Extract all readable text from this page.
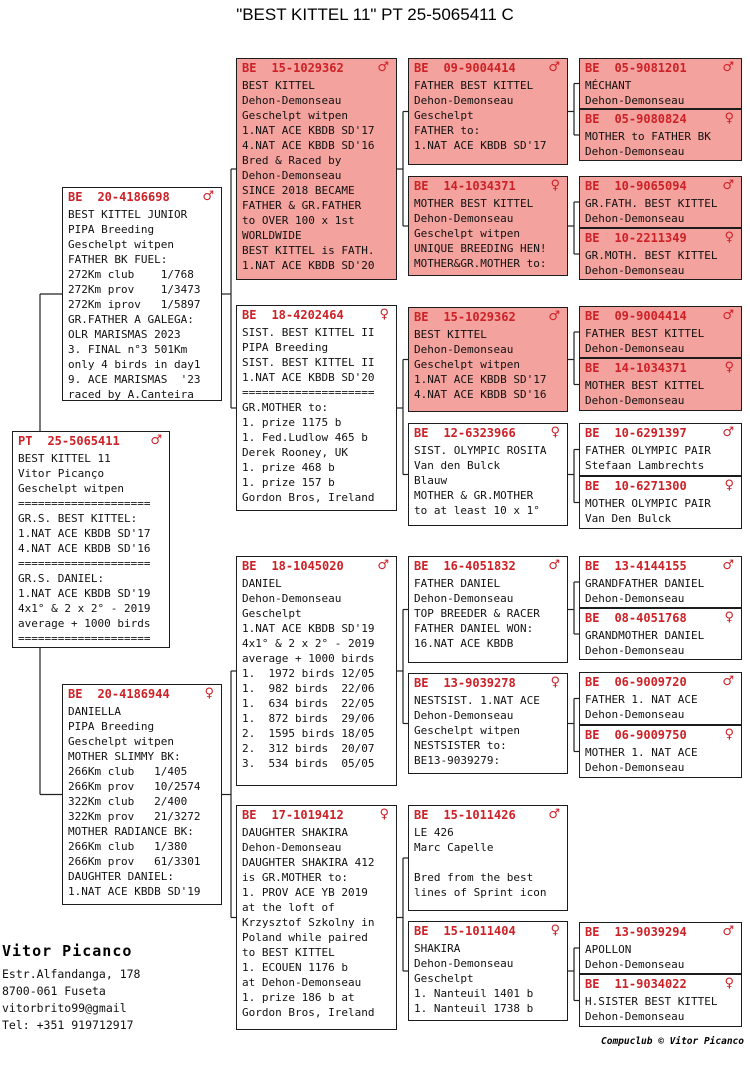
"BEST KITTEL 11" PT 25-5065411 C
PT 25-5065411 ♂
BEST KITTEL 11
Vitor Picanço
Geschelpt witpen
====================
GR.S. BEST KITTEL:
1.NAT ACE KBDB SD'17
4.NAT ACE KBDB SD'16
====================
GR.S. DANIEL:
1.NAT ACE KBDB SD'19
4x1° & 2 x 2° - 2019
average + 1000 birds
====================
BE 20-4186698	♂
BEST KITTEL JUNIOR
PIPA Breeding
Geschelpt witpen
FATHER BK FUEL:
272Km club    1/768
272Km prov    1/3473
272Km iprov   1/5897
GR.FATHER A GALEGA:
OLR MARISMAS 2023
3. FINAL n°3 501Km
only 4 birds in day1
9. ACE MARISMAS  '23
raced by A.Canteira
BE 20-4186944	♀
DANIELLA
PIPA Breeding
Geschelpt witpen
MOTHER SLIMMY BK:
266Km club   1/405
266Km prov   10/2574
322Km club   2/400
322Km prov   21/3272
MOTHER RADIANCE BK:
266Km club   1/380
266Km prov   61/3301
DAUGHTER DANIEL:
1.NAT ACE KBDB SD'19
BE 15-1029362	♂
BEST KITTEL
Dehon-Demonseau
Geschelpt witpen
1.NAT ACE KBDB SD'17
4.NAT ACE KBDB SD'16
Bred & Raced by
Dehon-Demonseau
SINCE 2018 BECAME
FATHER & GR.FATHER
to OVER 100 x 1st
WORLDWIDE
BEST KITTEL is FATH.
1.NAT ACE KBDB SD'20
BE 18-4202464	♀
SIST. BEST KITTEL II
PIPA Breeding
SIST. BEST KITTEL II
1.NAT ACE KBDB SD'20
====================
GR.MOTHER to:
1. prize 1175 b
1. Fed.Ludlow 465 b
Derek Rooney, UK
1. prize 468 b
1. prize 157 b
Gordon Bros, Ireland
BE 18-1045020	♂
DANIEL
Dehon-Demonseau
Geschelpt
1.NAT ACE KBDB SD'19
4x1° & 2 x 2° - 2019
average + 1000 birds
1.  1972 birds 12/05
1.  982 birds  22/06
1.  634 birds  22/05
1.  872 birds  29/06
2.  1595 birds 18/05
2.  312 birds  20/07
3.  534 birds  05/05
BE 17-1019412	♀
DAUGHTER SHAKIRA
Dehon-Demonseau
DAUGHTER SHAKIRA 412
is GR.MOTHER to:
1. PROV ACE YB 2019
at the loft of
Krzysztof Szkolny in
Poland while paired
to BEST KITTEL
1. ECOUEN 1176 b
at Dehon-Demonseau
1. prize 186 b at
Gordon Bros, Ireland
BE 09-9004414	♂
FATHER BEST KITTEL
Dehon-Demonseau
Geschelpt
FATHER to:
1.NAT ACE KBDB SD'17
BE 14-1034371	♀
MOTHER BEST KITTEL
Dehon-Demonseau
Geschelpt witpen
UNIQUE BREEDING HEN!
MOTHER&GR.MOTHER to:
BE 15-1029362	♂
BEST KITTEL
Dehon-Demonseau
Geschelpt witpen
1.NAT ACE KBDB SD'17
4.NAT ACE KBDB SD'16
BE 12-6323966	♀
SIST. OLYMPIC ROSITA
Van den Bulck
Blauw
MOTHER & GR.MOTHER
to at least 10 x 1°
BE 16-4051832	♂
FATHER DANIEL
Dehon-Demonseau
TOP BREEDER & RACER
FATHER DANIEL WON:
16.NAT ACE KBDB
BE 13-9039278	♀
NESTSIST. 1.NAT ACE
Dehon-Demonseau
Geschelpt witpen
NESTSISTER to:
BE13-9039279:
BE 15-1011426	♂
LE 426
Marc Capelle
Bred from the best
lines of Sprint icon
BE 15-1011404	♀
SHAKIRA
Dehon-Demonseau
Geschelpt
1. Nanteuil 1401 b
1. Nanteuil 1738 b
BE 05-9081201	♂
MÉCHANT
Dehon-Demonseau
BE 05-9080824	♀
MOTHER to FATHER BK
Dehon-Demonseau
BE 10-9065094	♂
GR.FATH. BEST KITTEL
Dehon-Demonseau
BE 10-2211349	♀
GR.MOTH. BEST KITTEL
Dehon-Demonseau
BE 09-9004414	♂
FATHER BEST KITTEL
Dehon-Demonseau
BE 14-1034371	♀
MOTHER BEST KITTEL
Dehon-Demonseau
BE 10-6291397	♂
FATHER OLYMPIC PAIR
Stefaan Lambrechts
BE 10-6271300	♀
MOTHER OLYMPIC PAIR
Van Den Bulck
BE 13-4144155	♂
GRANDFATHER DANIEL
Dehon-Demonseau
BE 08-4051768	♀
GRANDMOTHER DANIEL
Dehon-Demonseau
BE 06-9009720	♂
FATHER 1. NAT ACE
Dehon-Demonseau
BE 06-9009750	♀
MOTHER 1. NAT ACE
Dehon-Demonseau
BE 13-9039294	♂
APOLLON
Dehon-Demonseau
BE 11-9034022	♀
H.SISTER BEST KITTEL
Dehon-Demonseau
Vitor Picanco
Estr.Alfandanga, 178
8700-061 Fuseta
vitorbrito99@gmail
Tel: +351 919712917
Compuclub © Vitor Picanco
